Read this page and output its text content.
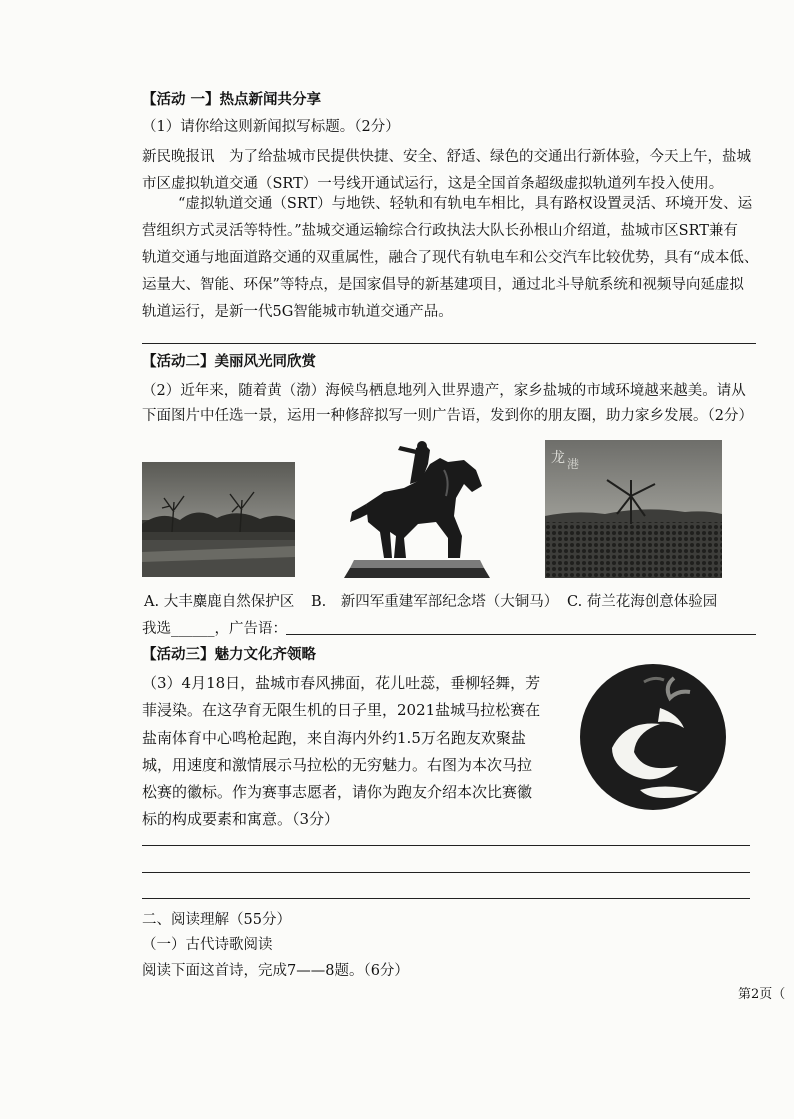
【活动 一】热点新闻共分享
（1）请你给这则新闻拟写标题。（2分）
新民晚报讯　为了给盐城市民提供快捷、安全、舒适、绿色的交通出行新体验，今天上午，盐城
市区虚拟轨道交通（SRT）一号线开通试运行，这是全国首条超级虚拟轨道列车投入使用。
“虚拟轨道交通（SRT）与地铁、轻轨和有轨电车相比，具有路权设置灵活、环境开发、运
营组织方式灵活等特性。”盐城交通运输综合行政执法大队长孙根山介绍道，盐城市区SRT兼有
轨道交通与地面道路交通的双重属性，融合了现代有轨电车和公交汽车比较优势，具有“成本低、
运量大、智能、环保”等特点，是国家倡导的新基建项目，通过北斗导航系统和视频导向延虚拟
轨道运行，是新一代5G智能城市轨道交通产品。
【活动二】美丽风光同欣赏
（2）近年来，随着黄（渤）海候鸟栖息地列入世界遗产，家乡盐城的市域环境越来越美。请从
下面图片中任选一景，运用一种修辞拟写一则广告语，发到你的朋友圈，助力家乡发展。（2分）
龙 港
A. 大丰麋鹿自然保护区 B.　新四军重建军部纪念塔（大铜马） C. 荷兰花海创意体验园
我选______，广告语：
【活动三】魅力文化齐领略
（3）4月18日，盐城市春风拂面，花儿吐蕊，垂柳轻舞，芳
菲浸染。在这孕育无限生机的日子里，2021盐城马拉松赛在
盐南体育中心鸣枪起跑，来自海内外约1.5万名跑友欢聚盐
城，用速度和激情展示马拉松的无穷魅力。右图为本次马拉
松赛的徽标。作为赛事志愿者，请你为跑友介绍本次比赛徽
标的构成要素和寓意。（3分）
二、阅读理解（55分）
（一）古代诗歌阅读
阅读下面这首诗，完成7——8题。（6分）
第2页（
